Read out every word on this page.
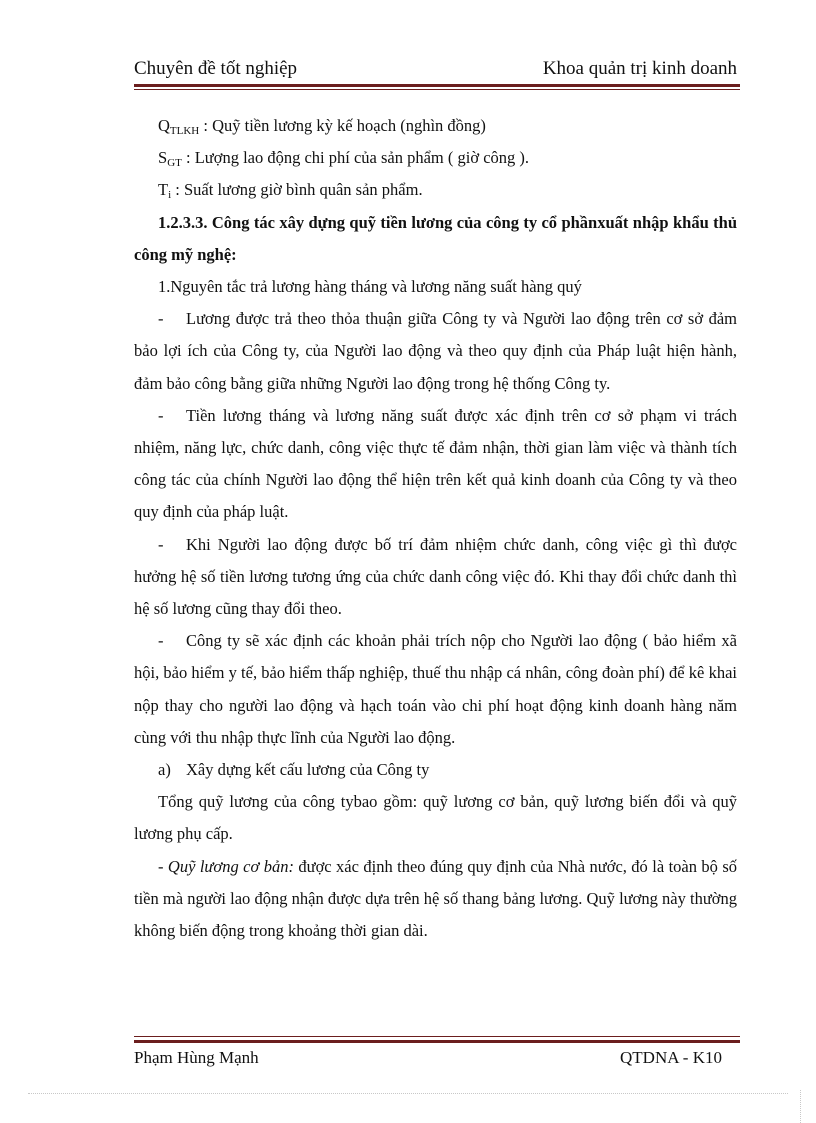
Chuyên đề tốt nghiệp	Khoa quản trị kinh doanh

$Q_{TLKH}$ : Quỹ tiền lương kỳ kế hoạch (nghìn đồng)

$S_{GT}$ : Lượng lao động chi phí của sản phẩm ( giờ công ).

$T_i$ : Suất lương giờ bình quân sản phẩm.

1.2.3.3. Công tác xây dựng quỹ tiền lương của công ty cổ phầnxuất nhập khẩu thủ công mỹ nghệ:

1.Nguyên tắc trả lương hàng tháng và lương năng suất hàng quý

- Lương được trả theo thỏa thuận giữa Công ty và Người lao động trên cơ sở đảm bảo lợi ích của Công ty, của Người lao động và theo quy định của Pháp luật hiện hành, đảm bảo công bằng giữa những Người lao động trong hệ thống Công ty.

- Tiền lương tháng và lương năng suất được xác định trên cơ sở phạm vi trách nhiệm, năng lực, chức danh, công việc thực tế đảm nhận, thời gian làm việc và thành tích công tác của chính Người lao động thể hiện trên kết quả kinh doanh của Công ty và theo quy định của pháp luật.

- Khi Người lao động được bố trí đảm nhiệm chức danh, công việc gì thì được hưởng hệ số tiền lương tương ứng của chức danh công việc đó. Khi thay đổi chức danh thì hệ số lương cũng thay đổi theo.

- Công ty sẽ xác định các khoản phải trích nộp cho Người lao động ( bảo hiểm xã hội, bảo hiểm y tế, bảo hiểm thấp nghiệp, thuế thu nhập cá nhân, công đoàn phí) để kê khai nộp thay cho người lao động và hạch toán vào chi phí hoạt động kinh doanh hàng năm cùng với thu nhập thực lĩnh của Người lao động.

a) Xây dựng kết cấu lương của Công ty

Tổng quỹ lương của công tybao gồm: quỹ lương cơ bản, quỹ lương biến đổi và quỹ lương phụ cấp.

- Quỹ lương cơ bản: được xác định theo đúng quy định của Nhà nước, đó là toàn bộ số tiền mà người lao động nhận được dựa trên hệ số thang bảng lương. Quỹ lương này thường không biến động trong khoảng thời gian dài.

Phạm Hùng Mạnh	QTDNA - K10
